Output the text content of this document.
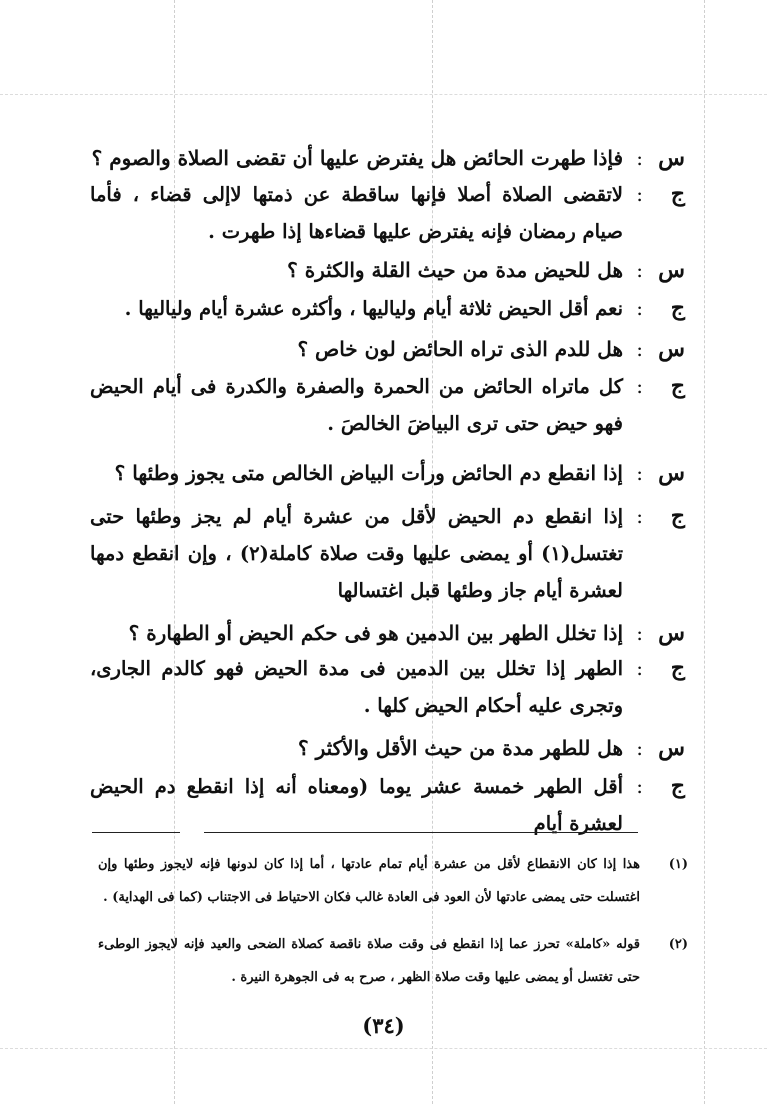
س
:
فإذا طهرت الحائض هل يفترض عليها أن تقضى الصلاة والصوم ؟
ج
:
لاتقضى الصلاة أصلا فإنها ساقطة عن ذمتها لاإلى قضاء ، فأما صيام رمضان فإنه يفترض عليها قضاءها إذا طهرت .
س
:
هل للحيض مدة من حيث القلة والكثرة ؟
ج
:
نعم أقل الحيض ثلاثة أيام ولياليها ، وأكثره عشرة أيام ولياليها .
س
:
هل للدم الذى تراه الحائض لون خاص ؟
ج
:
كل ماتراه الحائض من الحمرة والصفرة والكدرة فى أيام الحيض فهو حيض حتى ترى البياضَ الخالصَ .
س
:
إذا انقطع دم الحائض ورأت البياض الخالص متى يجوز وطئها ؟
ج
:
إذا انقطع دم الحيض لأقل من عشرة أيام لم يجز وطئها حتى تغتسل(١) أو يمضى عليها وقت صلاة كاملة(٢) ، وإن انقطع دمها لعشرة أيام جاز وطئها قبل اغتسالها
س
:
إذا تخلل الطهر بين الدمين هو فى حكم الحيض أو الطهارة ؟
ج
:
الطهر إذا تخلل بين الدمين فى مدة الحيض فهو كالدم الجارى، وتجرى عليه أحكام الحيض كلها .
س
:
هل للطهر مدة من حيث الأقل والأكثر ؟
ج
:
أقل الطهر خمسة عشر يوما (ومعناه أنه إذا انقطع دم الحيض لعشرة أيام
(١)
هذا إذا كان الانقطاع لأقل من عشرة أيام تمام عادتها ، أما إذا كان لدونها فإنه لايجوز وطئها وإن اغتسلت حتى يمضى عادتها لأن العود فى العادة غالب فكان الاحتياط فى الاجتناب (كما فى الهداية) .
(٢)
قوله «كاملة» تحرز عما إذا انقطع فى وقت صلاة ناقصة كصلاة الضحى والعيد فإنه لايجوز الوطىء حتى تغتسل أو يمضى عليها وقت صلاة الظهر ، صرح به فى الجوهرة النيرة .
(٣٤)
